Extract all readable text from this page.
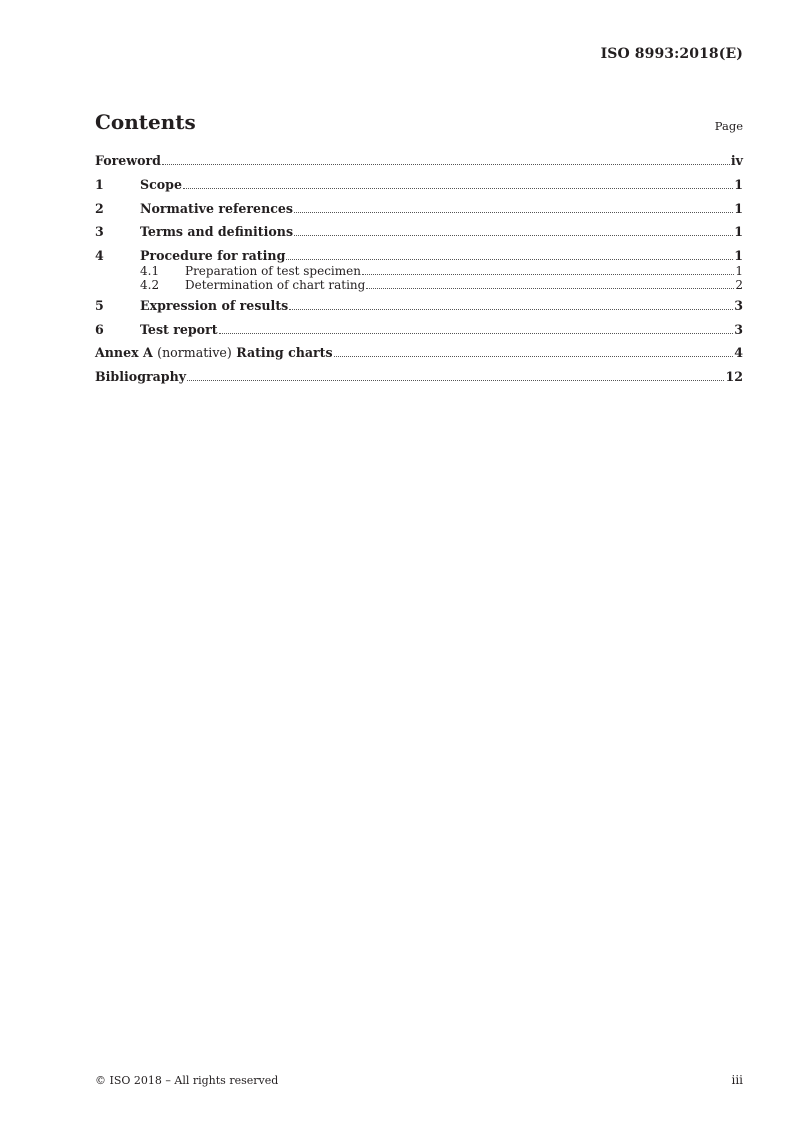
ISO 8993:2018(E)
Contents	Page
Foreword	iv
1	Scope	1
2	Normative references	1
3	Terms and definitions	1
4	Procedure for rating	1
4.1	Preparation of test specimen	1
4.2	Determination of chart rating	2
5	Expression of results	3
6	Test report	3
Annex A (normative) Rating charts	4
Bibliography	12
© ISO 2018 – All rights reserved	iii
